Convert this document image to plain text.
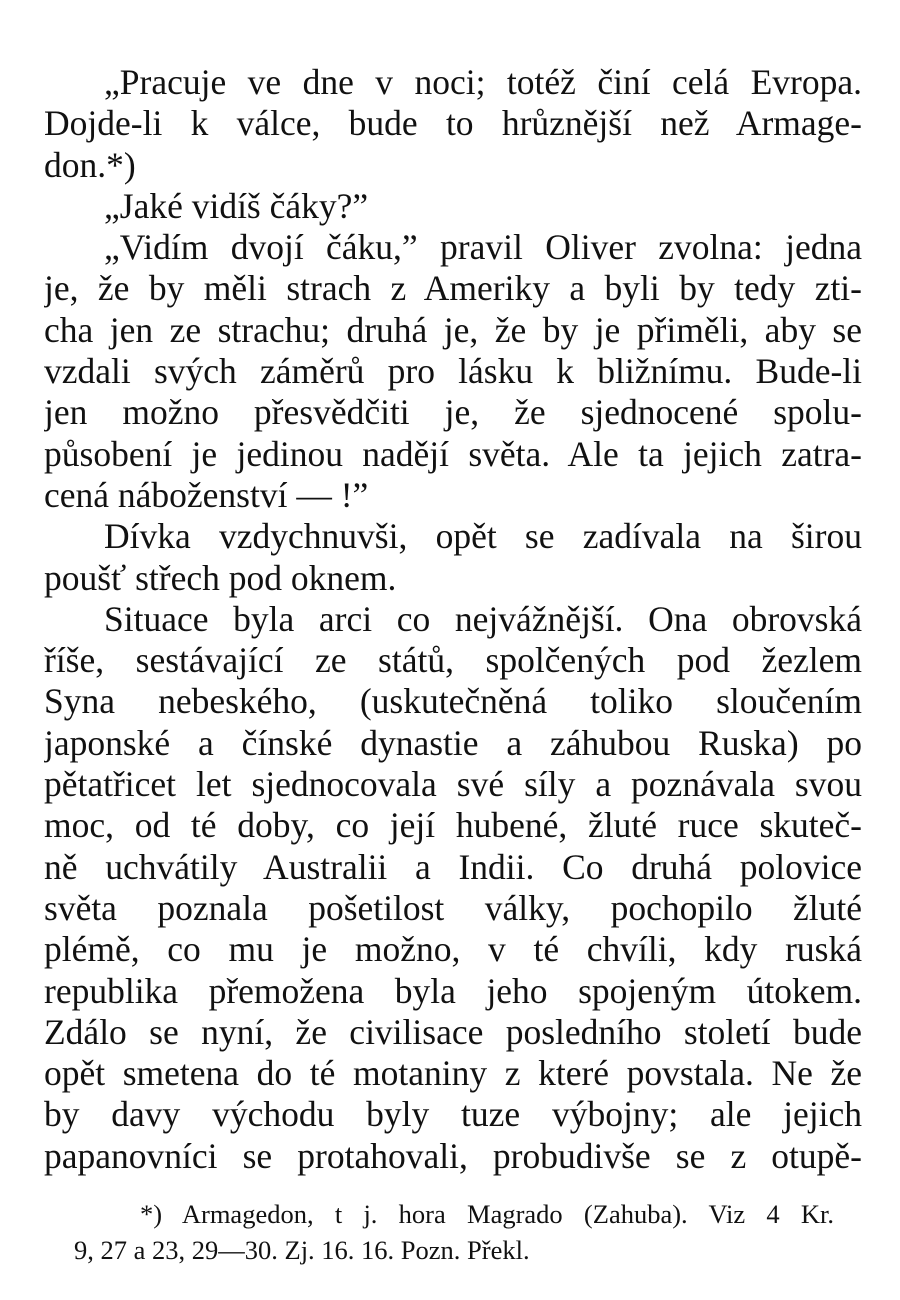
„Pracuje ve dne v noci; totéž činí celá Evropa.
Dojde-li k válce, bude to hrůznější než Armage-
don.*)
„Jaké vidíš čáky?”
„Vidím dvojí čáku,” pravil Oliver zvolna: jedna
je, že by měli strach z Ameriky a byli by tedy zti-
cha jen ze strachu; druhá je, že by je přiměli, aby se
vzdali svých záměrů pro lásku k bližnímu. Bude-li
jen možno přesvědčiti je, že sjednocené spolu-
působení je jedinou nadějí světa. Ale ta jejich zatra-
cená náboženství — !”
Dívka vzdychnuvši, opět se zadívala na širou
poušť střech pod oknem.
Situace byla arci co nejvážnější. Ona obrovská
říše, sestávající ze států, spolčených pod žezlem
Syna nebeského, (uskutečněná toliko sloučením
japonské a čínské dynastie a záhubou Ruska) po
pětatřicet let sjednocovala své síly a poznávala svou
moc, od té doby, co její hubené, žluté ruce skuteč-
ně uchvátily Australii a Indii. Co druhá polovice
světa poznala pošetilost války, pochopilo žluté
plémě, co mu je možno, v té chvíli, kdy ruská
republika přemožena byla jeho spojeným útokem.
Zdálo se nyní, že civilisace posledního století bude
opět smetena do té motaniny z které povstala. Ne že
by davy východu byly tuze výbojny; ale jejich
papanovníci se protahovali, probudivše se z otupě-
*) Armagedon, t j. hora Magrado (Zahuba). Viz 4 Kr.
9, 27 a 23, 29—30. Zj. 16. 16. Pozn. Překl.
